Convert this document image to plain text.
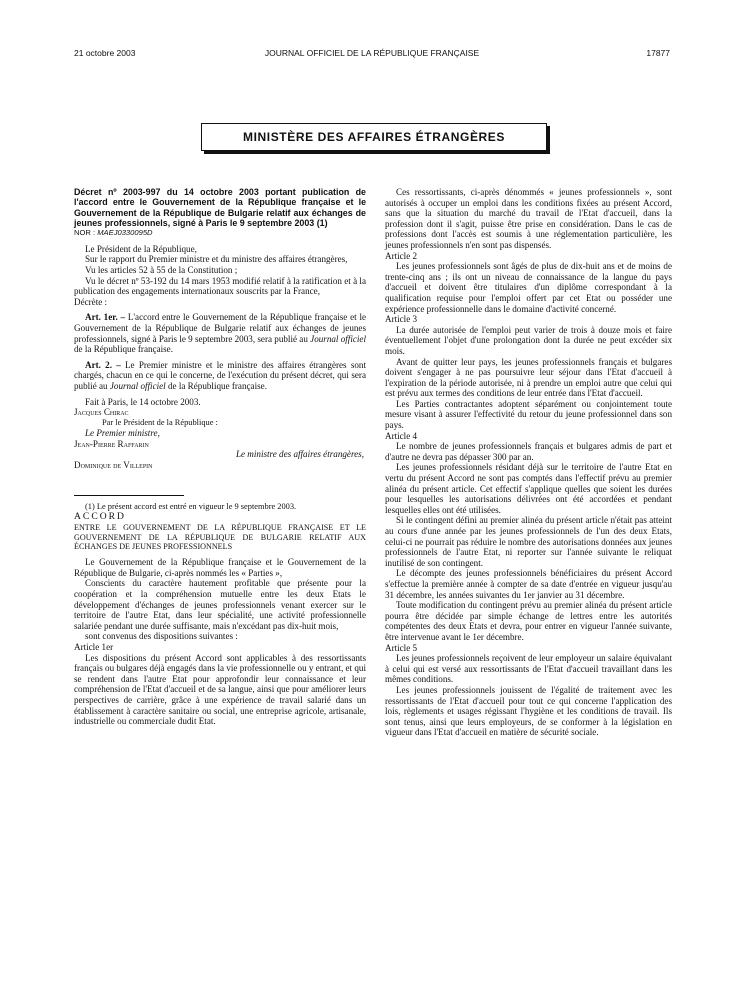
21 octobre 2003	JOURNAL OFFICIEL DE LA RÉPUBLIQUE FRANÇAISE	17877
MINISTÈRE DES AFFAIRES ÉTRANGÈRES

Décret nº 2003-997 du 14 octobre 2003 portant publication de l'accord entre le Gouvernement de la République française et le Gouvernement de la République de Bulgarie relatif aux échanges de jeunes professionnels, signé à Paris le 9 septembre 2003 (1)

NOR : MAEJ0330095D

Le Président de la République,

Sur le rapport du Premier ministre et du ministre des affaires étrangères,

Vu les articles 52 à 55 de la Constitution ;

Vu le décret nº 53-192 du 14 mars 1953 modifié relatif à la ratification et à la publication des engagements internationaux souscrits par la France,

Décrète :

Art. 1er. – L'accord entre le Gouvernement de la République française et le Gouvernement de la République de Bulgarie relatif aux échanges de jeunes professionnels, signé à Paris le 9 septembre 2003, sera publié au Journal officiel de la République française.

Art. 2. – Le Premier ministre et le ministre des affaires étrangères sont chargés, chacun en ce qui le concerne, de l'exécution du présent décret, qui sera publié au Journal officiel de la République française.

Fait à Paris, le 14 octobre 2003.

Jacques Chirac

Par le Président de la République :

Le Premier ministre,

Jean-Pierre Raffarin

Le ministre des affaires étrangères,

Dominique de Villepin

(1) Le présent accord est entré en vigueur le 9 septembre 2003.

ACCORD

ENTRE LE GOUVERNEMENT DE LA RÉPUBLIQUE FRANÇAISE ET LE GOUVERNEMENT DE LA RÉPUBLIQUE DE BULGARIE RELATIF AUX ÉCHANGES DE JEUNES PROFESSIONNELS

Le Gouvernement de la République française et le Gouvernement de la République de Bulgarie, ci-après nommés les « Parties »,

Conscients du caractère hautement profitable que présente pour la coopération et la compréhension mutuelle entre les deux Etats le développement d'échanges de jeunes professionnels venant exercer sur le territoire de l'autre Etat, dans leur spécialité, une activité professionnelle salariée pendant une durée suffisante, mais n'excédant pas dix-huit mois,

sont convenus des dispositions suivantes :

Article 1er

Les dispositions du présent Accord sont applicables à des ressortissants français ou bulgares déjà engagés dans la vie professionnelle ou y entrant, et qui se rendent dans l'autre Etat pour approfondir leur connaissance et leur compréhension de l'Etat d'accueil et de sa langue, ainsi que pour améliorer leurs perspectives de carrière, grâce à une expérience de travail salarié dans un établissement à caractère sanitaire ou social, une entreprise agricole, artisanale, industrielle ou commerciale dudit Etat.

Ces ressortissants, ci-après dénommés « jeunes professionnels », sont autorisés à occuper un emploi dans les conditions fixées au présent Accord, sans que la situation du marché du travail de l'Etat d'accueil, dans la profession dont il s'agit, puisse être prise en considération. Dans le cas de professions dont l'accès est soumis à une réglementation particulière, les jeunes professionnels n'en sont pas dispensés.

Article 2

Les jeunes professionnels sont âgés de plus de dix-huit ans et de moins de trente-cinq ans ; ils ont un niveau de connaissance de la langue du pays d'accueil et doivent être titulaires d'un diplôme correspondant à la qualification requise pour l'emploi offert par cet Etat ou posséder une expérience professionnelle dans le domaine d'activité concerné.

Article 3

La durée autorisée de l'emploi peut varier de trois à douze mois et faire éventuellement l'objet d'une prolongation dont la durée ne peut excéder six mois.

Avant de quitter leur pays, les jeunes professionnels français et bulgares doivent s'engager à ne pas poursuivre leur séjour dans l'Etat d'accueil à l'expiration de la période autorisée, ni à prendre un emploi autre que celui qui est prévu aux termes des conditions de leur entrée dans l'Etat d'accueil.

Les Parties contractantes adoptent séparément ou conjointement toute mesure visant à assurer l'effectivité du retour du jeune professionnel dans son pays.

Article 4

Le nombre de jeunes professionnels français et bulgares admis de part et d'autre ne devra pas dépasser 300 par an.

Les jeunes professionnels résidant déjà sur le territoire de l'autre Etat en vertu du présent Accord ne sont pas comptés dans l'effectif prévu au premier alinéa du présent article. Cet effectif s'applique quelles que soient les durées pour lesquelles les autorisations délivrées ont été accordées et pendant lesquelles elles ont été utilisées.

Si le contingent défini au premier alinéa du présent article n'était pas atteint au cours d'une année par les jeunes professionnels de l'un des deux Etats, celui-ci ne pourrait pas réduire le nombre des autorisations données aux jeunes professionnels de l'autre Etat, ni reporter sur l'année suivante le reliquat inutilisé de son contingent.

Le décompte des jeunes professionnels bénéficiaires du présent Accord s'effectue la première année à compter de sa date d'entrée en vigueur jusqu'au 31 décembre, les années suivantes du 1er janvier au 31 décembre.

Toute modification du contingent prévu au premier alinéa du présent article pourra être décidée par simple échange de lettres entre les autorités compétentes des deux Etats et devra, pour entrer en vigueur l'année suivante, être intervenue avant le 1er décembre.

Article 5

Les jeunes professionnels reçoivent de leur employeur un salaire équivalant à celui qui est versé aux ressortissants de l'Etat d'accueil travaillant dans les mêmes conditions.

Les jeunes professionnels jouissent de l'égalité de traitement avec les ressortissants de l'Etat d'accueil pour tout ce qui concerne l'application des lois, règlements et usages régissant l'hygiène et les conditions de travail. Ils sont tenus, ainsi que leurs employeurs, de se conformer à la législation en vigueur dans l'Etat d'accueil en matière de sécurité sociale.
